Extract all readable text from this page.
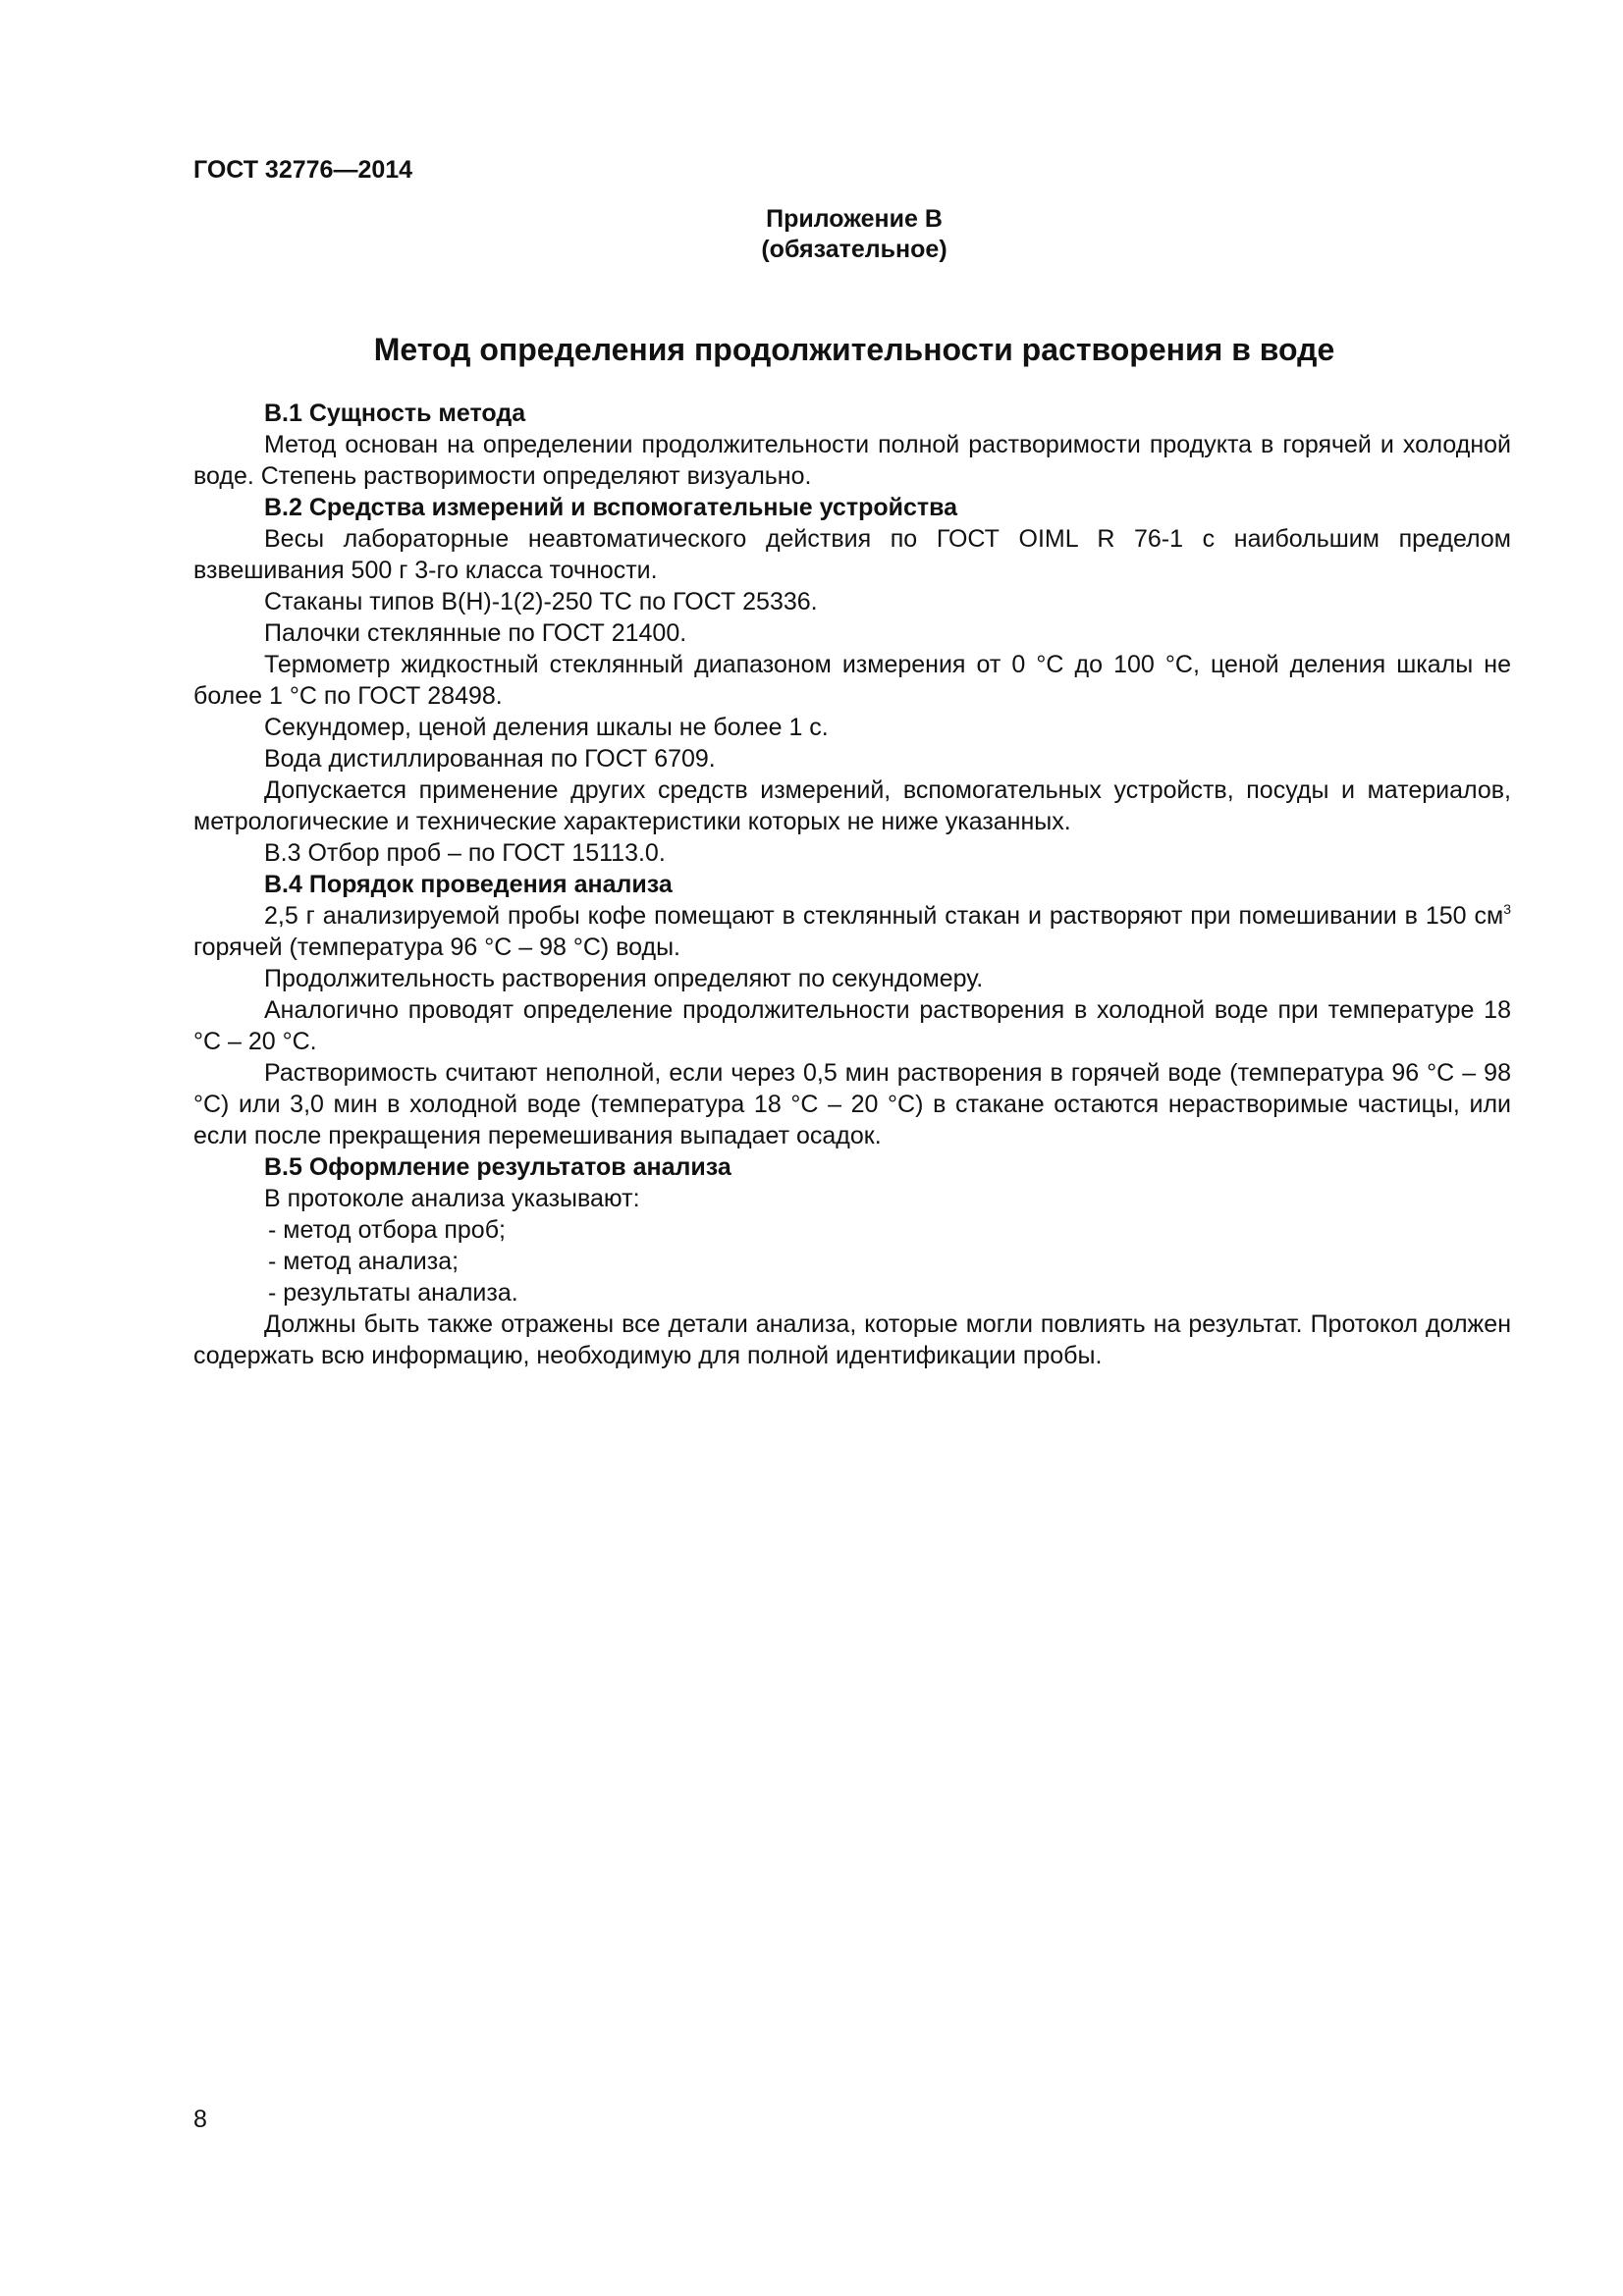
ГОСТ 32776—2014
Приложение В
(обязательное)
Метод определения продолжительности растворения в воде

В.1 Сущность метода

Метод основан на определении продолжительности полной растворимости продукта в горячей и холодной воде. Степень растворимости определяют визуально.

В.2 Средства измерений и вспомогательные устройства

Весы лабораторные неавтоматического действия по ГОСТ OIML R 76-1 с наибольшим пределом взвешивания 500 г 3-го класса точности.

Стаканы типов В(Н)-1(2)-250 ТС по ГОСТ 25336.

Палочки стеклянные по ГОСТ 21400.

Термометр жидкостный стеклянный диапазоном измерения от 0 °С до 100 °С, ценой деления шкалы не более 1 °С по ГОСТ 28498.

Секундомер, ценой деления шкалы не более 1 с.

Вода дистиллированная по ГОСТ 6709.

Допускается применение других средств измерений, вспомогательных устройств, посуды и материалов, метрологические и технические характеристики которых не ниже указанных.

В.3 Отбор проб – по ГОСТ 15113.0.

В.4 Порядок проведения анализа

2,5 г анализируемой пробы кофе помещают в стеклянный стакан и растворяют при помешивании в 150 $см^3$ горячей (температура 96 °С – 98 °С) воды.

Продолжительность растворения определяют по секундомеру.

Аналогично проводят определение продолжительности растворения в холодной воде при температуре 18 °С – 20 °С.

Растворимость считают неполной, если через 0,5 мин растворения в горячей воде (температура 96 °С – 98 °С) или 3,0 мин в холодной воде (температура 18 °С – 20 °С) в стакане остаются нерастворимые частицы, или если после прекращения перемешивания выпадает осадок.

В.5 Оформление результатов анализа

В протоколе анализа указывают:

- метод отбора проб;

- метод анализа;

- результаты анализа.

Должны быть также отражены все детали анализа, которые могли повлиять на результат. Протокол должен содержать всю информацию, необходимую для полной идентификации пробы.

8
